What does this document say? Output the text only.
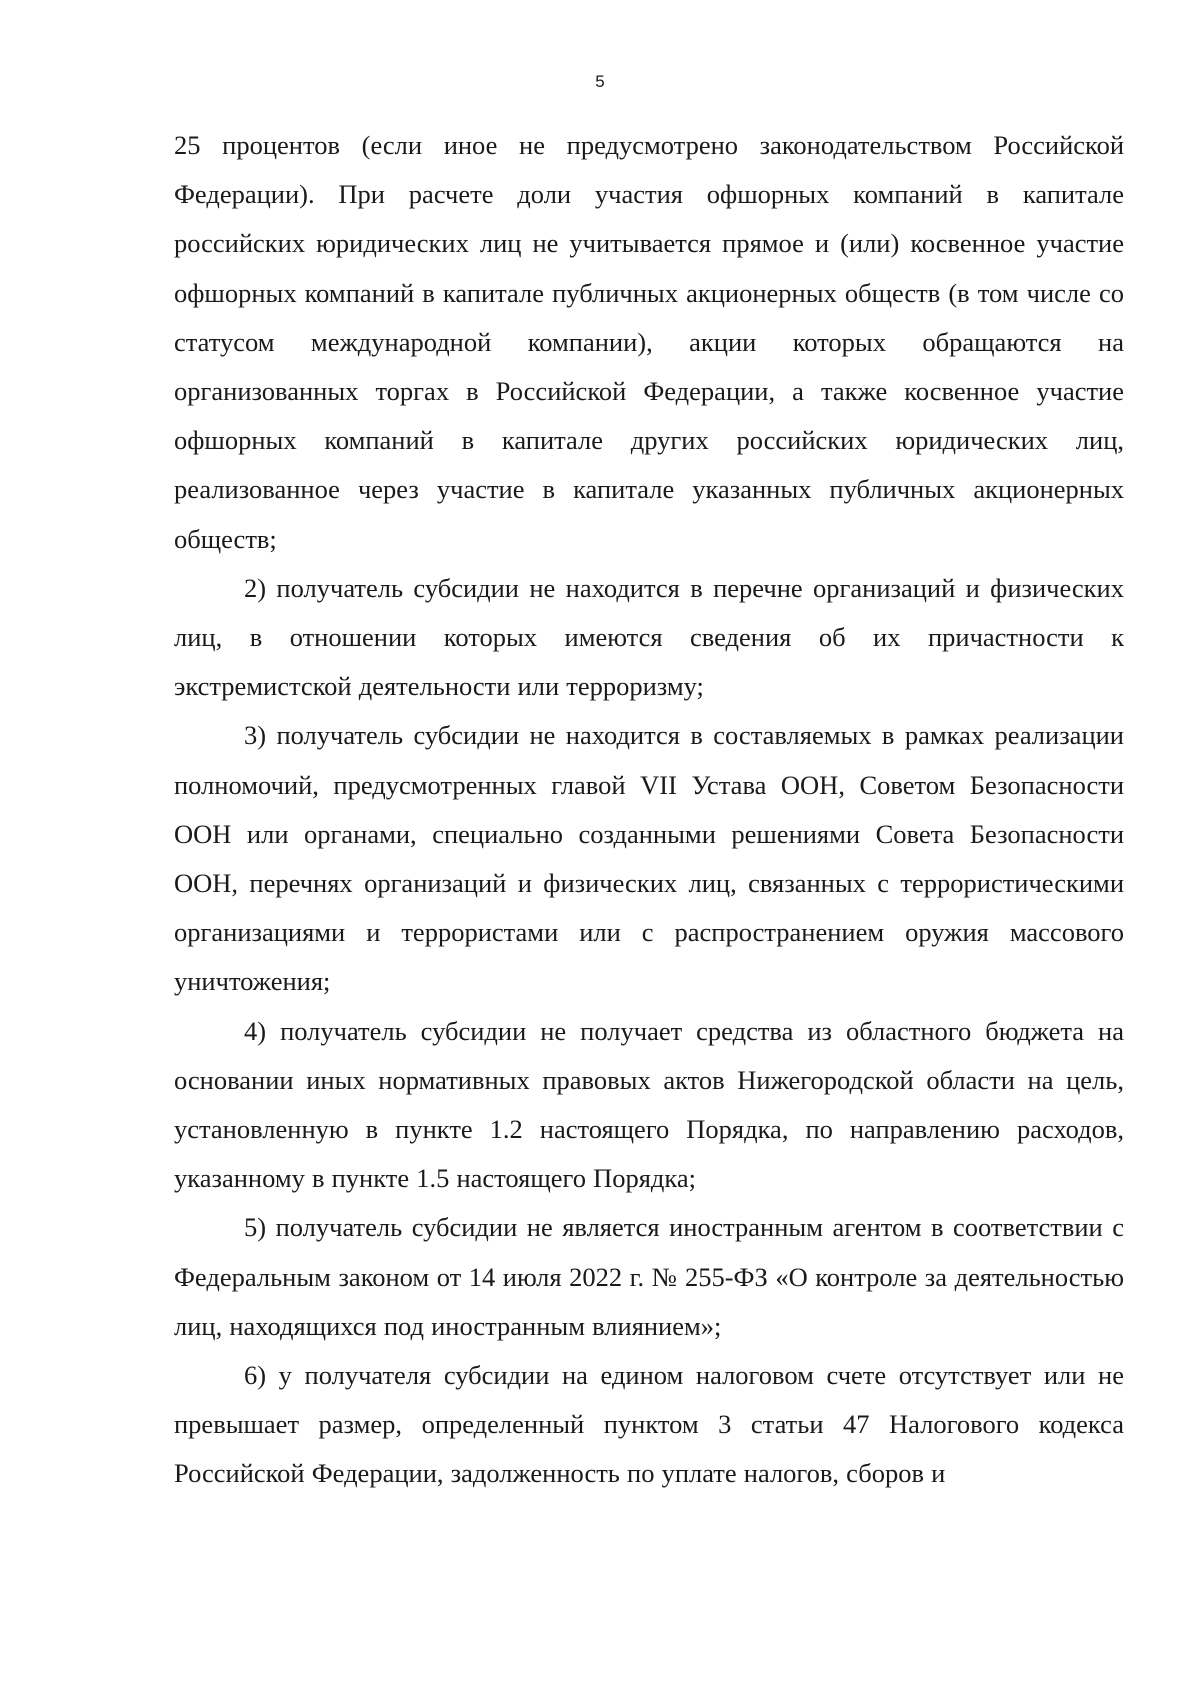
5

25 процентов (если иное не предусмотрено законодательством Российской Федерации). При расчете доли участия офшорных компаний в капитале российских юридических лиц не учитывается прямое и (или) косвенное участие офшорных компаний в капитале публичных акционерных обществ (в том числе со статусом международной компании), акции которых обращаются на организованных торгах в Российской Федерации, а также косвенное участие офшорных компаний в капитале других российских юридических лиц, реализованное через участие в капитале указанных публичных акционерных обществ;

2) получатель субсидии не находится в перечне организаций и физических лиц, в отношении которых имеются сведения об их причастности к экстремистской деятельности или терроризму;

3) получатель субсидии не находится в составляемых в рамках реализации полномочий, предусмотренных главой VII Устава ООН, Советом Безопасности ООН или органами, специально созданными решениями Совета Безопасности ООН, перечнях организаций и физических лиц, связанных с террористическими организациями и террористами или с распространением оружия массового уничтожения;

4) получатель субсидии не получает средства из областного бюджета на основании иных нормативных правовых актов Нижегородской области на цель, установленную в пункте 1.2 настоящего Порядка, по направлению расходов, указанному в пункте 1.5 настоящего Порядка;

5) получатель субсидии не является иностранным агентом в соответствии с Федеральным законом от 14 июля 2022 г. № 255-ФЗ «О контроле за деятельностью лиц, находящихся под иностранным влиянием»;

6) у получателя субсидии на едином налоговом счете отсутствует или не превышает размер, определенный пунктом 3 статьи 47 Налогового кодекса Российской Федерации, задолженность по уплате налогов, сборов и
